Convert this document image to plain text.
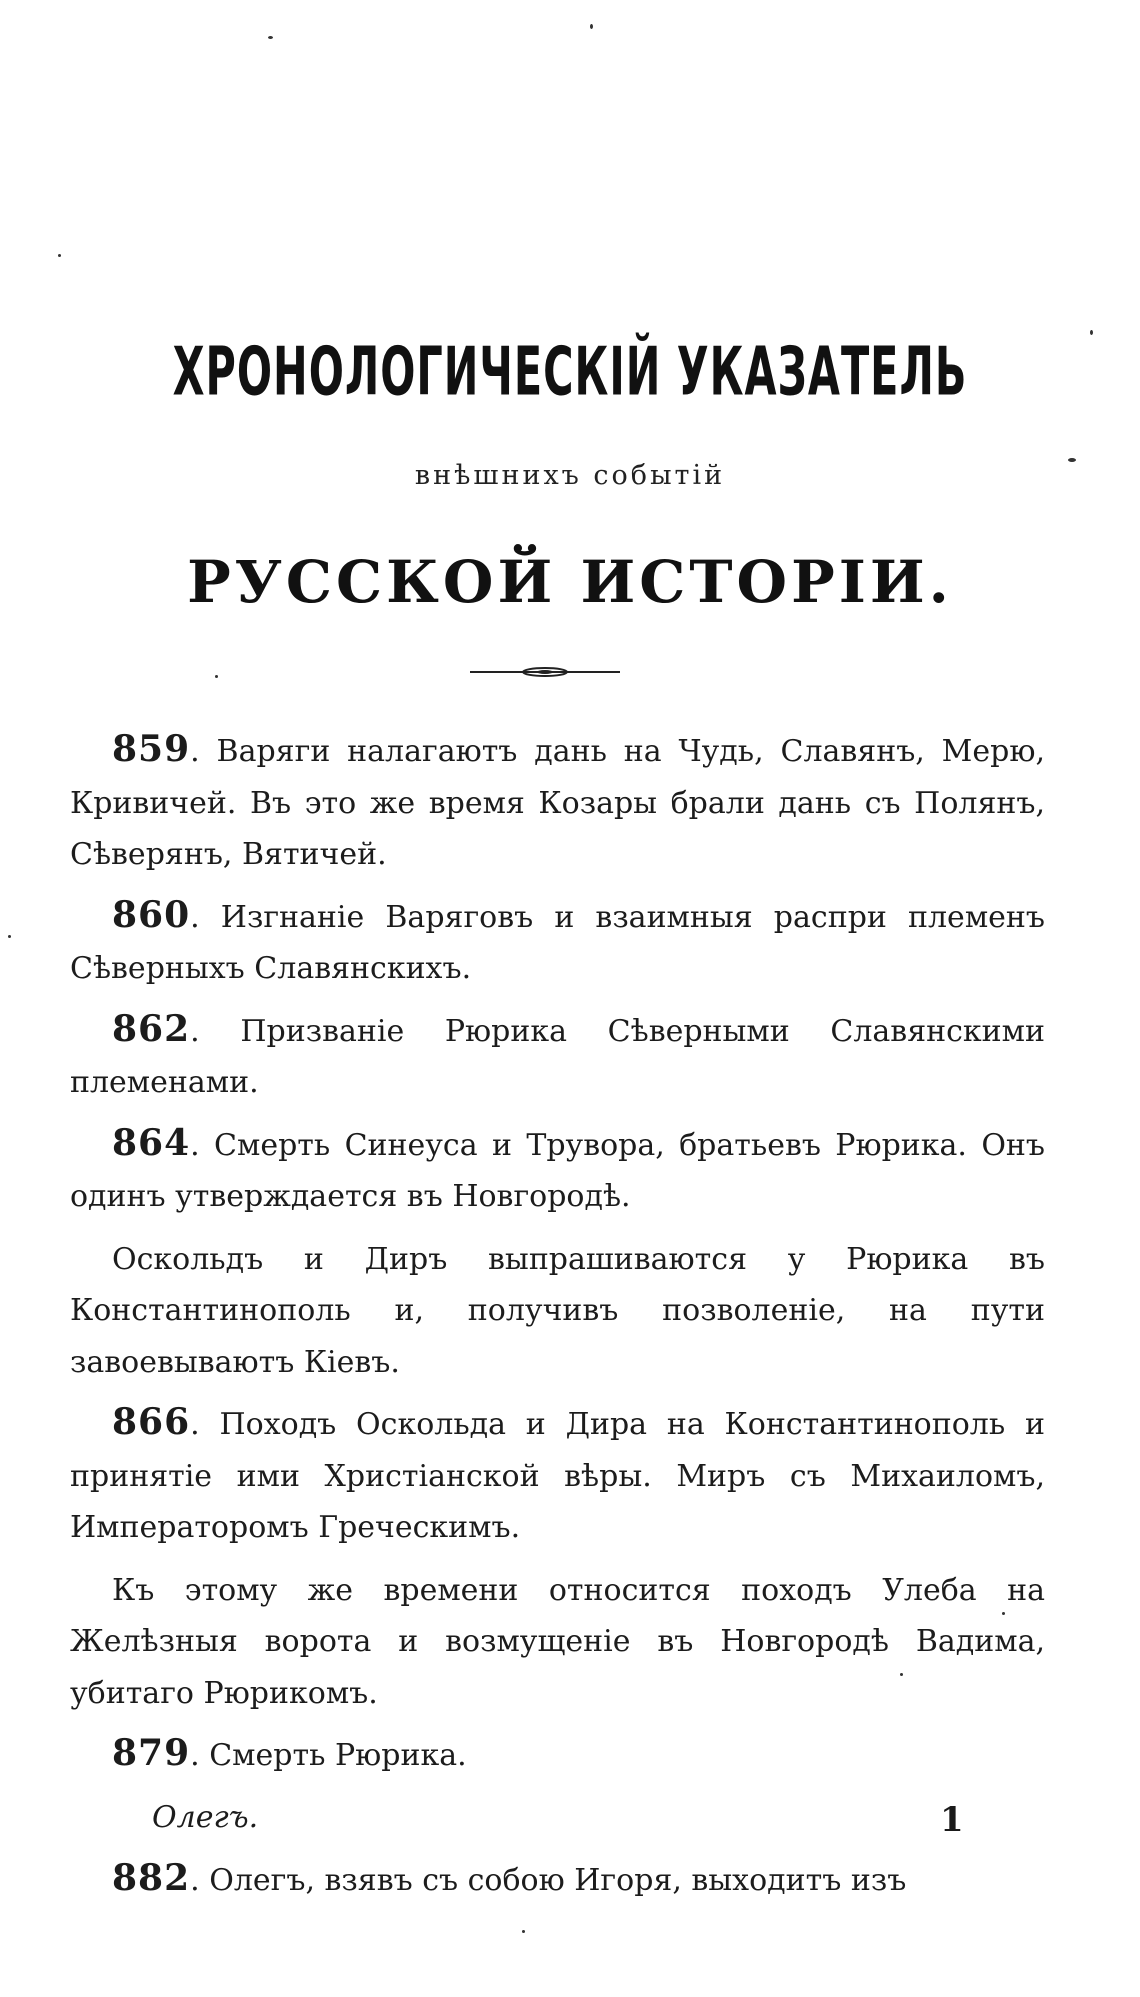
ХРОНОЛОГИЧЕСКІЙ УКАЗАТЕЛЬ
внѣшнихъ событій
РУССКОЙ ИСТОРІИ.

859. Варяги налагаютъ дань на Чудь, Славянъ, Мерю, Кривичей. Въ это же время Козары брали дань съ Полянъ, Сѣверянъ, Вятичей.

860. Изгнаніе Варяговъ и взаимныя распри племенъ Сѣверныхъ Славянскихъ.

862. Призваніе Рюрика Сѣверными Славянскими племенами.

864. Смерть Синеуса и Трувора, братьевъ Рюрика. Онъ одинъ утверждается въ Новгородѣ.

Оскольдъ и Диръ выпрашиваются у Рюрика въ Константинополь и, получивъ позволеніе, на пути завоевываютъ Кіевъ.

866. Походъ Оскольда и Дира на Константинополь и принятіе ими Христіанской вѣры. Миръ съ Михаиломъ, Императоромъ Греческимъ.

Къ этому же времени относится походъ Улеба на Желѣзныя ворота и возмущеніе въ Новгородѣ Вадима, убитаго Рюрикомъ.

879. Смерть Рюрика.

Олегъ.

882. Олегъ, взявъ съ собою Игоря, выходитъ изъ

1
